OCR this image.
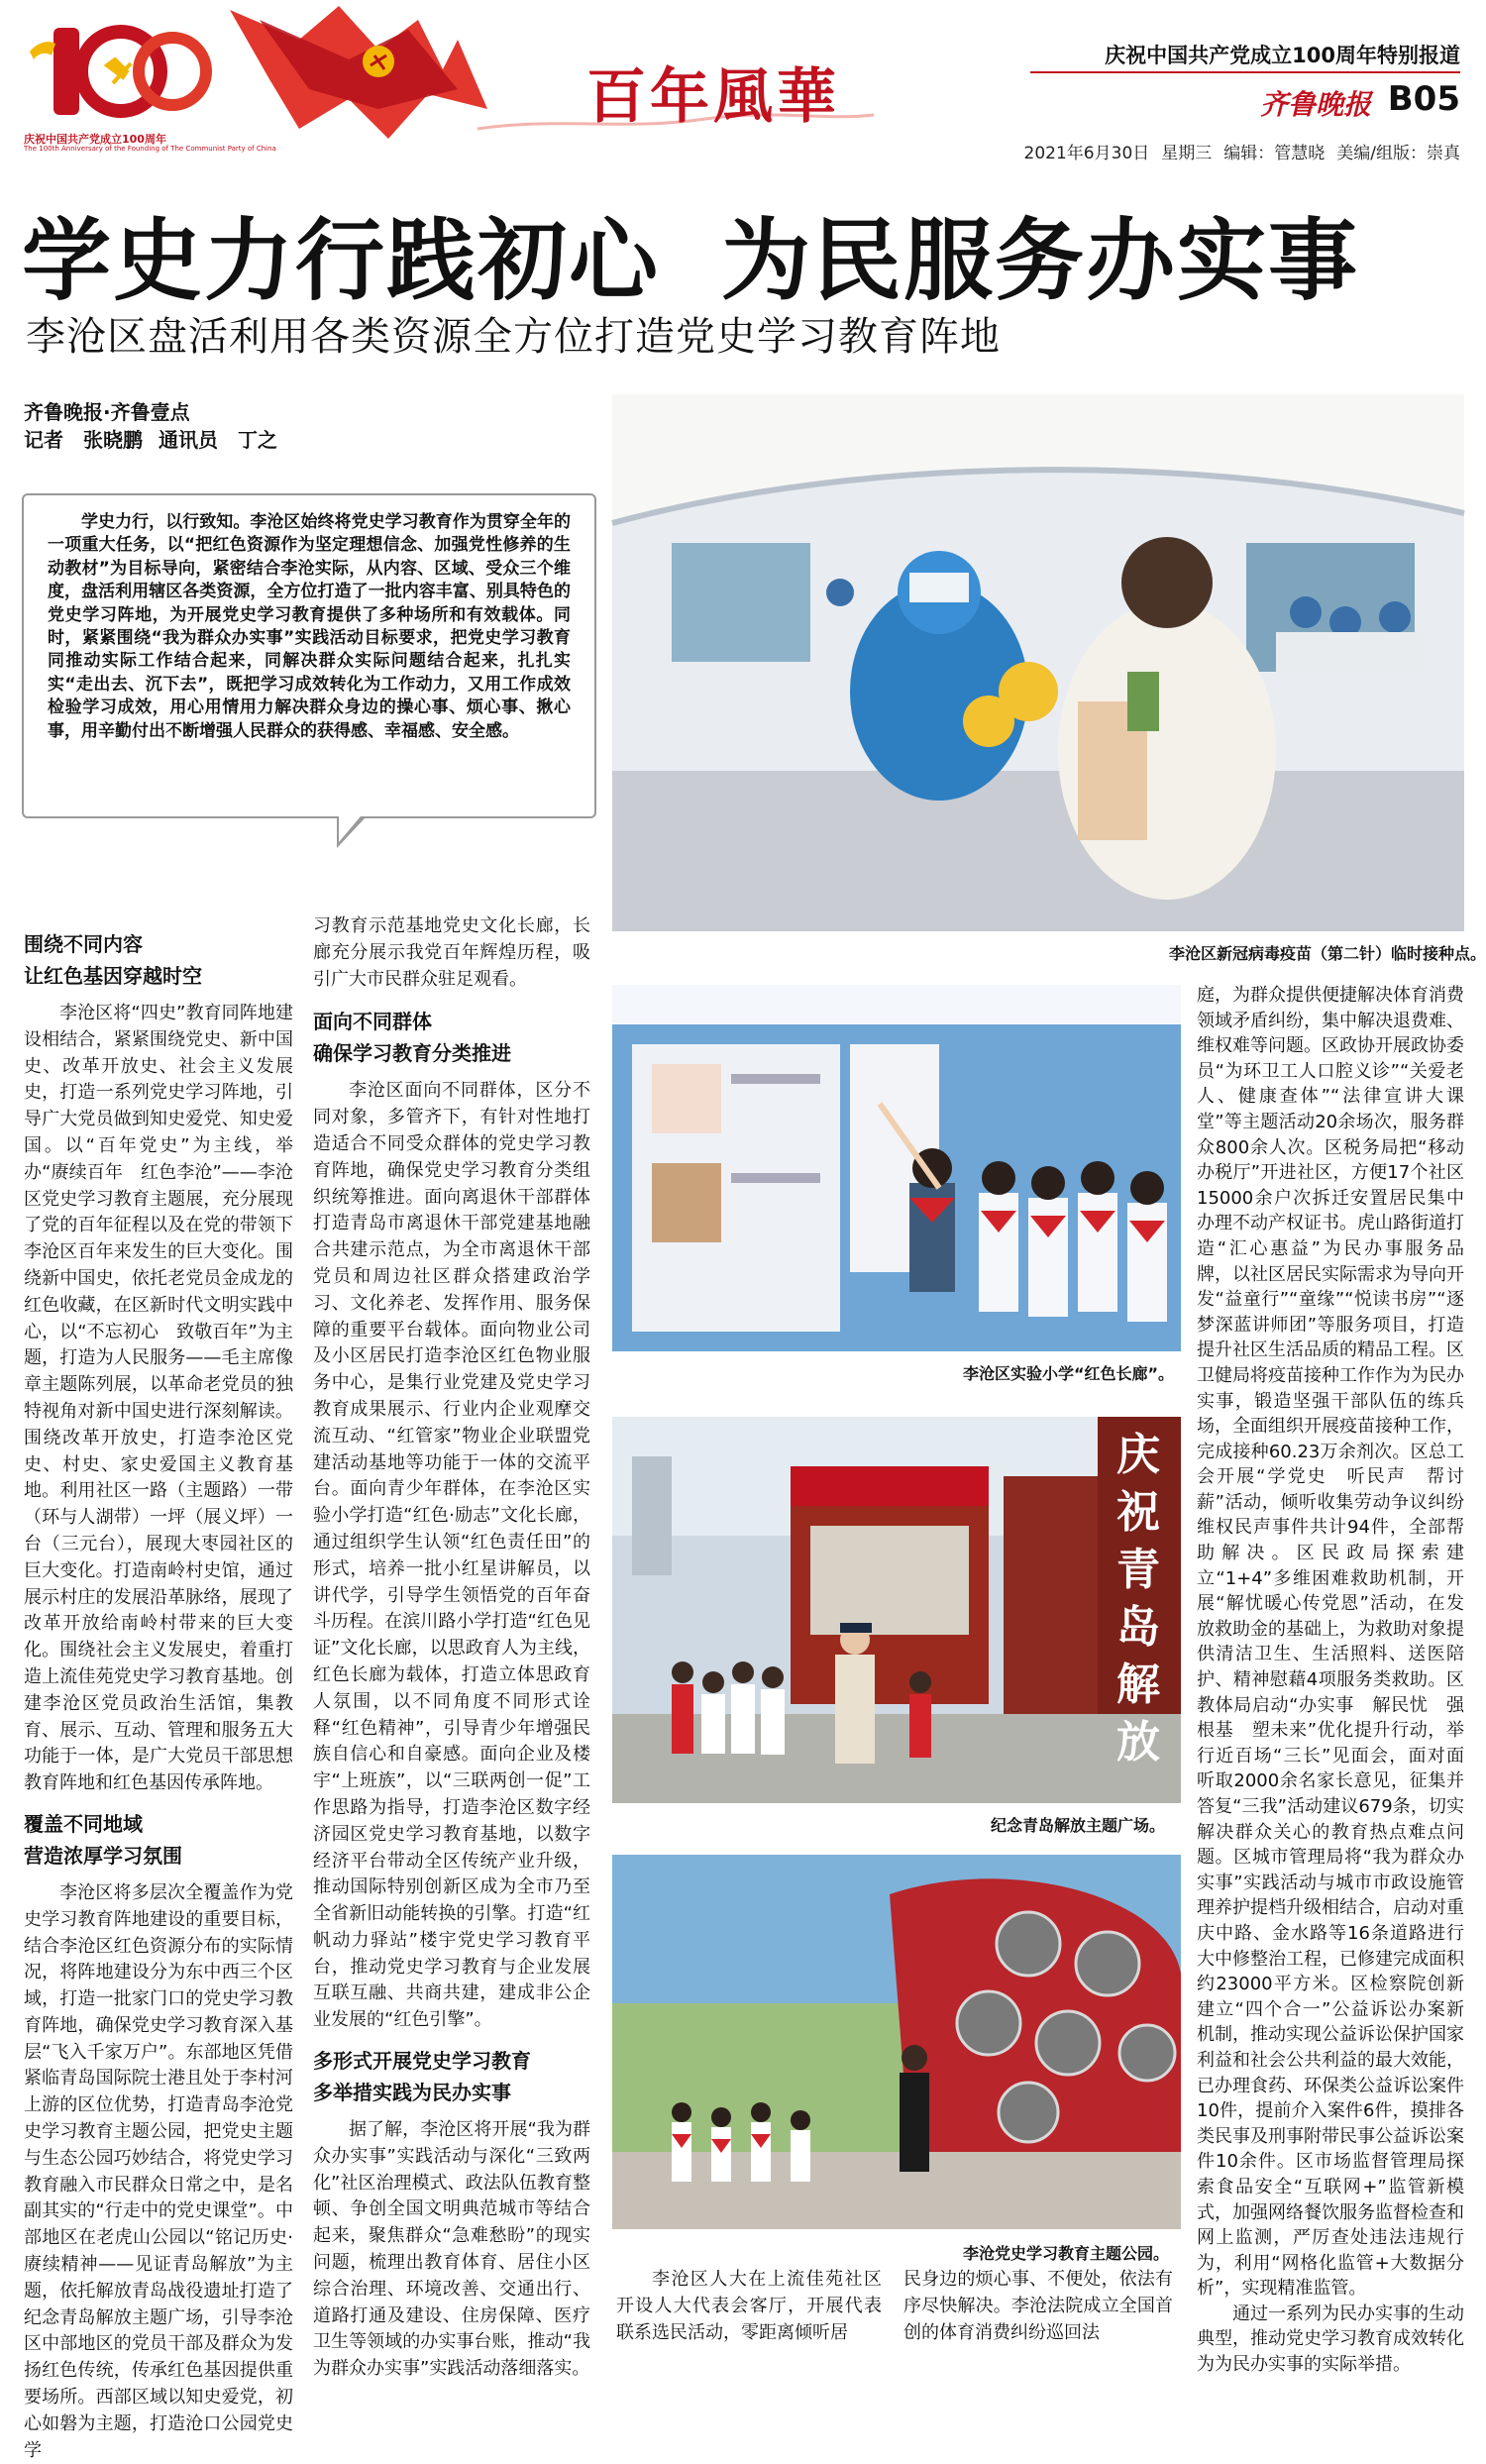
庆祝中国共产党成立100周年
The 100th Anniversary of the Founding of The Communist Party of China
百年風華
庆祝中国共产党成立100周年特别报道
齐鲁晚报 B05
2021年6月30日 星期三 编辑：管慧晓 美编/组版：崇真
学史力行践初心 为民服务办实事
李沧区盘活利用各类资源全方位打造党史学习教育阵地
齐鲁晚报·齐鲁壹点
记者　张晓鹏 通讯员　丁之

学史力行，以行致知。李沧区始终将党史学习教育作为贯穿全年的一项重大任务，以“把红色资源作为坚定理想信念、加强党性修养的生动教材”为目标导向，紧密结合李沧实际，从内容、区域、受众三个维度，盘活利用辖区各类资源，全方位打造了一批内容丰富、别具特色的党史学习阵地，为开展党史学习教育提供了多种场所和有效载体。同时，紧紧围绕“我为群众办实事”实践活动目标要求，把党史学习教育同推动实际工作结合起来，同解决群众实际问题结合起来，扎扎实实“走出去、沉下去”，既把学习成效转化为工作动力，又用工作成效检验学习成效，用心用情用力解决群众身边的操心事、烦心事、揪心事，用辛勤付出不断增强人民群众的获得感、幸福感、安全感。

李沧区新冠病毒疫苗（第二针）临时接种点。
李沧区实验小学“红色长廊”。
庆祝青岛解放
纪念青岛解放主题广场。
李沧党史学习教育主题公园。
围绕不同内容
让红色基因穿越时空

李沧区将“四史”教育同阵地建设相结合，紧紧围绕党史、新中国史、改革开放史、社会主义发展史，打造一系列党史学习阵地，引导广大党员做到知史爱党、知史爱国。以“百年党史”为主线，举办“赓续百年　红色李沧”——李沧区党史学习教育主题展，充分展现了党的百年征程以及在党的带领下李沧区百年来发生的巨大变化。围绕新中国史，依托老党员金成龙的红色收藏，在区新时代文明实践中心，以“不忘初心　致敬百年”为主题，打造为人民服务——毛主席像章主题陈列展，以革命老党员的独特视角对新中国史进行深刻解读。围绕改革开放史，打造李沧区党史、村史、家史爱国主义教育基地。利用社区一路（主题路）一带（环与人湖带）一坪（展义坪）一台（三元台），展现大枣园社区的巨大变化。打造南岭村史馆，通过展示村庄的发展沿革脉络，展现了改革开放给南岭村带来的巨大变化。围绕社会主义发展史，着重打造上流佳苑党史学习教育基地。创建李沧区党员政治生活馆，集教育、展示、互动、管理和服务五大功能于一体，是广大党员干部思想教育阵地和红色基因传承阵地。

覆盖不同地域
营造浓厚学习氛围

李沧区将多层次全覆盖作为党史学习教育阵地建设的重要目标，结合李沧区红色资源分布的实际情况，将阵地建设分为东中西三个区域，打造一批家门口的党史学习教育阵地，确保党史学习教育深入基层“飞入千家万户”。东部地区凭借紧临青岛国际院士港且处于李村河上游的区位优势，打造青岛李沧党史学习教育主题公园，把党史主题与生态公园巧妙结合，将党史学习教育融入市民群众日常之中，是名副其实的“行走中的党史课堂”。中部地区在老虎山公园以“铭记历史·赓续精神——见证青岛解放”为主题，依托解放青岛战役遗址打造了纪念青岛解放主题广场，引导李沧区中部地区的党员干部及群众为发扬红色传统，传承红色基因提供重要场所。西部区域以知史爱党，初心如磐为主题，打造沧口公园党史学

习教育示范基地党史文化长廊，长廊充分展示我党百年辉煌历程，吸引广大市民群众驻足观看。

面向不同群体
确保学习教育分类推进

李沧区面向不同群体，区分不同对象，多管齐下，有针对性地打造适合不同受众群体的党史学习教育阵地，确保党史学习教育分类组织统筹推进。面向离退休干部群体打造青岛市离退休干部党建基地融合共建示范点，为全市离退休干部党员和周边社区群众搭建政治学习、文化养老、发挥作用、服务保障的重要平台载体。面向物业公司及小区居民打造李沧区红色物业服务中心，是集行业党建及党史学习教育成果展示、行业内企业观摩交流互动、“红管家”物业企业联盟党建活动基地等功能于一体的交流平台。面向青少年群体，在李沧区实验小学打造“红色·励志”文化长廊，通过组织学生认领“红色责任田”的形式，培养一批小红星讲解员，以讲代学，引导学生领悟党的百年奋斗历程。在滨川路小学打造“红色见证”文化长廊，以思政育人为主线，红色长廊为载体，打造立体思政育人氛围，以不同角度不同形式诠释“红色精神”，引导青少年增强民族自信心和自豪感。面向企业及楼宇“上班族”，以“三联两创一促”工作思路为指导，打造李沧区数字经济园区党史学习教育基地，以数字经济平台带动全区传统产业升级，推动国际特别创新区成为全市乃至全省新旧动能转换的引擎。打造“红帆动力驿站”楼宇党史学习教育平台，推动党史学习教育与企业发展互联互融、共商共建，建成非公企业发展的“红色引擎”。

多形式开展党史学习教育
多举措实践为民办实事

据了解，李沧区将开展“我为群众办实事”实践活动与深化“三致两化”社区治理模式、政法队伍教育整顿、争创全国文明典范城市等结合起来，聚焦群众“急难愁盼”的现实问题，梳理出教育体育、居住小区综合治理、环境改善、交通出行、道路打通及建设、住房保障、医疗卫生等领域的办实事台账，推动“我为群众办实事”实践活动落细落实。

李沧区人大在上流佳苑社区开设人大代表会客厅，开展代表联系选民活动，零距离倾听居

民身边的烦心事、不便处，依法有序尽快解决。李沧法院成立全国首创的体育消费纠纷巡回法

庭，为群众提供便捷解决体育消费领域矛盾纠纷，集中解决退费难、维权难等问题。区政协开展政协委员“为环卫工人口腔义诊”“关爱老人、健康查体”“法律宣讲大课堂”等主题活动20余场次，服务群众800余人次。区税务局把“移动办税厅”开进社区，方便17个社区15000余户次拆迁安置居民集中办理不动产权证书。虎山路街道打造“汇心惠益”为民办事服务品牌，以社区居民实际需求为导向开发“益童行”“童缘”“悦读书房”“逐梦深蓝讲师团”等服务项目，打造提升社区生活品质的精品工程。区卫健局将疫苗接种工作作为为民办实事，锻造坚强干部队伍的练兵场，全面组织开展疫苗接种工作，完成接种60.23万余剂次。区总工会开展“学党史　听民声　帮讨薪”活动，倾听收集劳动争议纠纷维权民声事件共计94件，全部帮助解决。区民政局探索建立“1+4”多维困难救助机制，开展“解忧暖心传党恩”活动，在发放救助金的基础上，为救助对象提供清洁卫生、生活照料、送医陪护、精神慰藉4项服务类救助。区教体局启动“办实事　解民忧　强根基　塑未来”优化提升行动，举行近百场“三长”见面会，面对面听取2000余名家长意见，征集并答复“三我”活动建议679条，切实解决群众关心的教育热点难点问题。区城市管理局将“我为群众办实事”实践活动与城市市政设施管理养护提档升级相结合，启动对重庆中路、金水路等16条道路进行大中修整治工程，已修建完成面积约23000平方米。区检察院创新建立“四个合一”公益诉讼办案新机制，推动实现公益诉讼保护国家利益和社会公共利益的最大效能，已办理食药、环保类公益诉讼案件10件，提前介入案件6件，摸排各类民事及刑事附带民事公益诉讼案件10余件。区市场监督管理局探索食品安全“互联网+”监管新模式，加强网络餐饮服务监督检查和网上监测，严厉查处违法违规行为，利用“网格化监管+大数据分析”，实现精准监管。

通过一系列为民办实事的生动典型，推动党史学习教育成效转化为为民办实事的实际举措。
